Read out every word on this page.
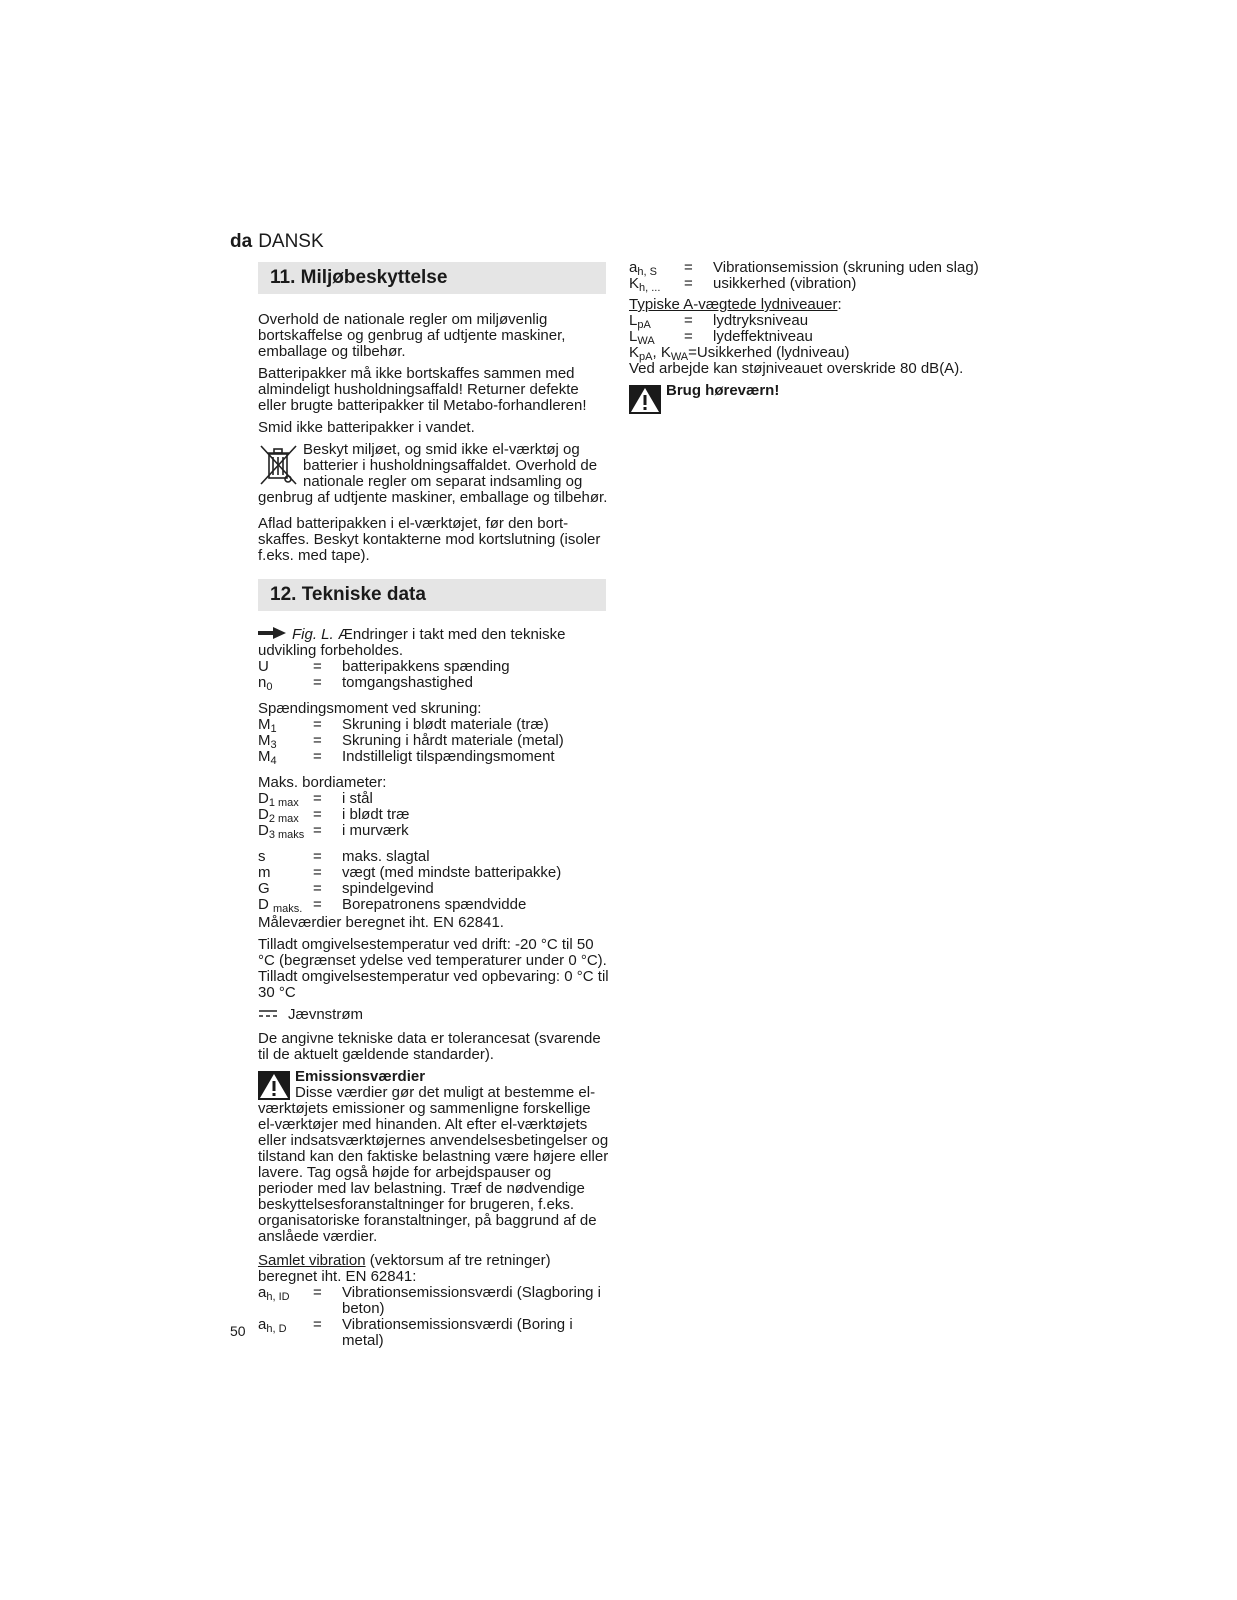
da DANSK
11. Miljøbeskyttelse

Overhold de nationale regler om miljøvenlig bortskaffelse og genbrug af udtjente maskiner, emballage og tilbehør.

Batteripakker må ikke bortskaffes sammen med almindeligt husholdningsaffald! Returner defekte eller brugte batteripakker til Metabo-forhandleren!

Smid ikke batteripakker i vandet.

Beskyt miljøet, og smid ikke el-værktøj og batterier i husholdningsaffaldet. Overhold de nationale regler om separat indsamling og genbrug af udtjente maskiner, emballage og tilbehør.

Aflad batteripakken i el-værktøjet, før den bort-skaffes. Beskyt kontakterne mod kortslutning (isoler f.eks. med tape).

12. Tekniske data

Fig. L. Ændringer i takt med den tekniske udvikling forbeholdes.

U	=	batteripakkens spænding
$n_0$	=	tomgangshastighed

Spændingsmoment ved skruning:

$M_1$	=	Skruning i blødt materiale (træ)
$M_3$	=	Skruning i hårdt materiale (metal)
$M_4$	=	Indstilleligt tilspændingsmoment

Maks. bordiameter:

$D_{1 max}$ =	i stål
$D_{2 max}$ =	i blødt træ
$D_{3 maks}$ =	i murværk
s	=	maks. slagtal
m	=	vægt (med mindste batteripakke)
G	=	spindelgevind
D $_{maks.}$ =	Borepatronens spændvidde

Måleværdier beregnet iht. EN 62841.

Tilladt omgivelsestemperatur ved drift: -20 °C til 50 °C (begrænset ydelse ved temperaturer under 0 °C). Tilladt omgivelsestemperatur ved opbevaring: 0 °C til 30 °C

Jævnstrøm

De angivne tekniske data er tolerancesat (svarende til de aktuelt gældende standarder).

Emissionsværdier
Disse værdier gør det muligt at bestemme el-værktøjets emissioner og sammenligne forskellige el-værktøjer med hinanden. Alt efter el-værktøjets eller indsatsværktøjernes anvendelsesbetingelser og tilstand kan den faktiske belastning være højere eller lavere. Tag også højde for arbejdspauser og perioder med lav belastning. Træf de nødvendige beskyttelsesforanstaltninger for brugeren, f.eks. organisatoriske foranstaltninger, på baggrund af de anslåede værdier.

Samlet vibration (vektorsum af tre retninger) beregnet iht. EN 62841:

$a_{h, ID}$	=	Vibrationsemissionsværdi (Slagboring i beton)
$a_{h, D}$	=	Vibrationsemissionsværdi (Boring i metal)
50
$a_{h, S}$	=	Vibrationsemission (skruning uden slag)
$K_{h, ...}$	=	usikkerhed (vibration)

Typiske A-vægtede lydniveauer:

$L_{pA}$	=	lydtryksniveau
$L_{WA}$	=	lydeffektniveau

$K_{pA}$, $K_{WA}=Usikkerhed$ (lydniveau)

Ved arbejde kan støjniveauet overskride 80 dB(A).

Brug høreværn!
